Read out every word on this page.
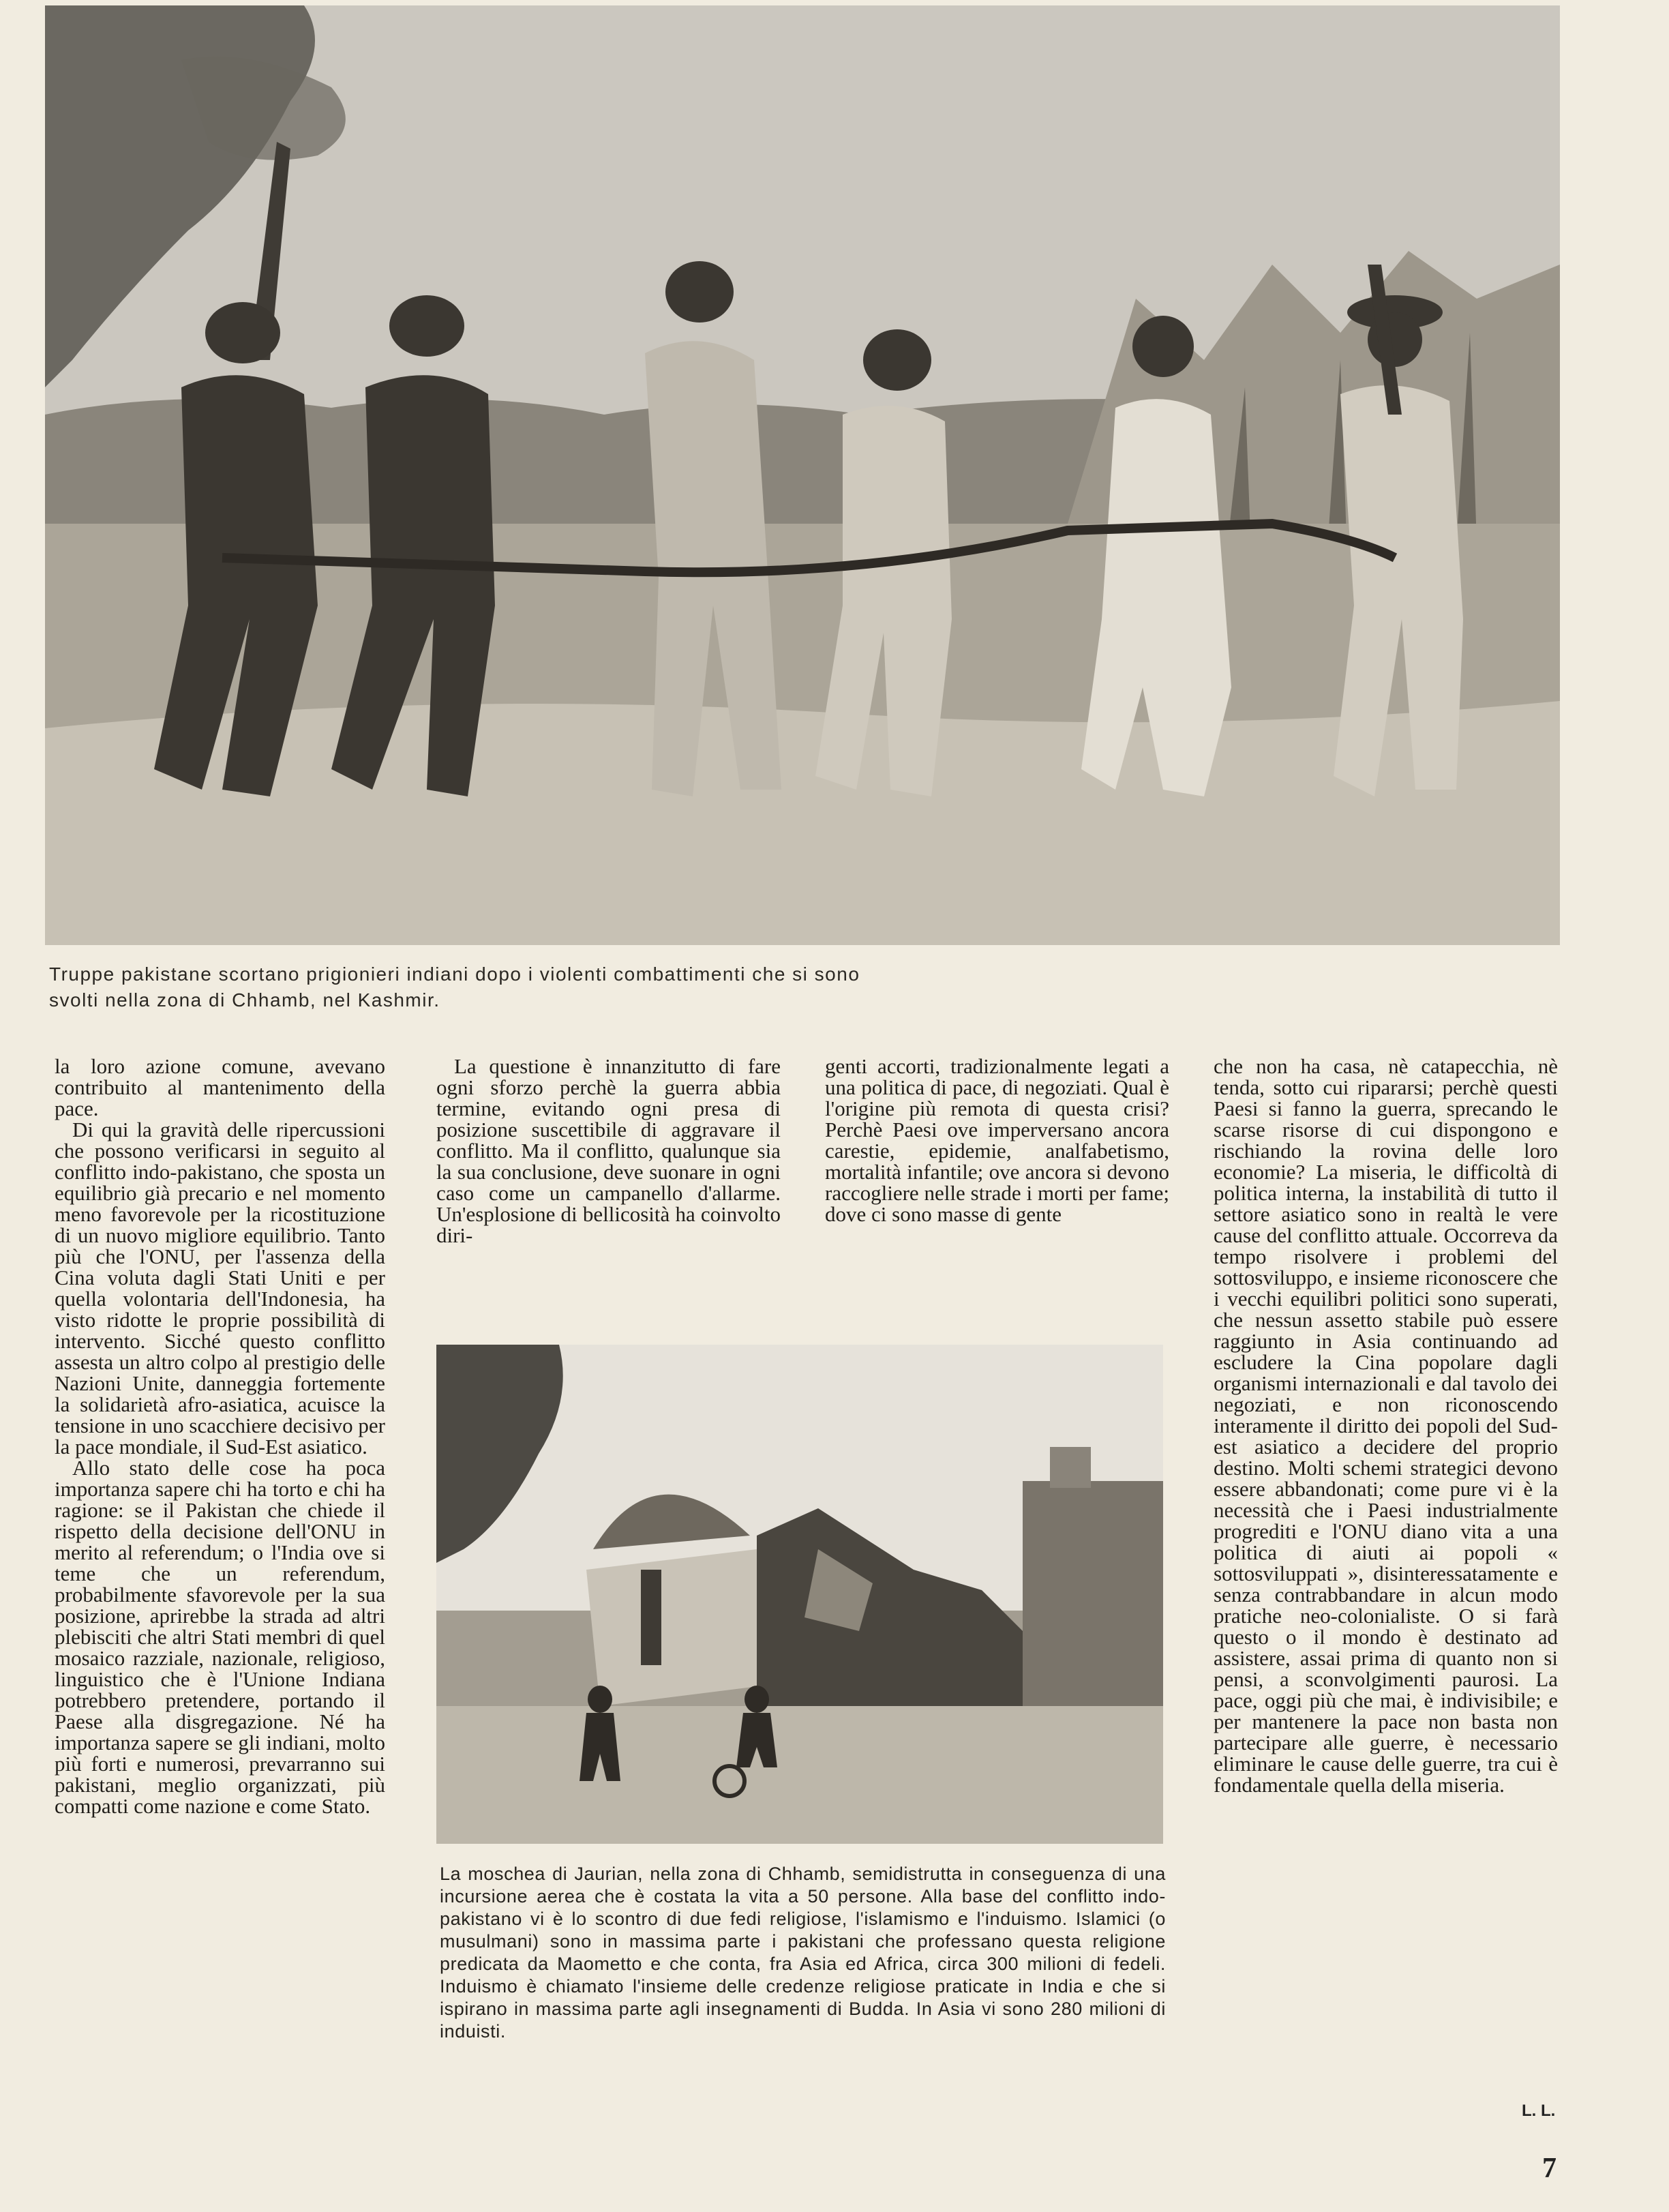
Truppe pakistane scortano prigionieri indiani dopo i violenti combattimenti che si sono svolti nella zona di Chhamb, nel Kashmir.

la loro azione comune, avevano contribuito al mantenimento della pace.

Di qui la gravità delle ripercussioni che possono verificarsi in seguito al conflitto indo-pakistano, che sposta un equilibrio già precario e nel momento meno favorevole per la ricostituzione di un nuovo migliore equilibrio. Tanto più che l'ONU, per l'assenza della Cina voluta dagli Stati Uniti e per quella volontaria dell'Indonesia, ha visto ridotte le proprie possibilità di intervento. Sicché questo conflitto assesta un altro colpo al prestigio delle Nazioni Unite, danneggia fortemente la solidarietà afro-asiatica, acuisce la tensione in uno scacchiere decisivo per la pace mondiale, il Sud-Est asiatico.

Allo stato delle cose ha poca importanza sapere chi ha torto e chi ha ragione: se il Pakistan che chiede il rispetto della decisione dell'ONU in merito al referendum; o l'India ove si teme che un referendum, probabilmente sfavorevole per la sua posizione, aprirebbe la strada ad altri plebisciti che altri Stati membri di quel mosaico razziale, nazionale, religioso, linguistico che è l'Unione Indiana potrebbero pretendere, portando il Paese alla disgregazione. Né ha importanza sapere se gli indiani, molto più forti e numerosi, prevarranno sui pakistani, meglio organizzati, più compatti come nazione e come Stato.

La questione è innanzitutto di fare ogni sforzo perchè la guerra abbia termine, evitando ogni presa di posizione suscettibile di aggravare il conflitto. Ma il conflitto, qualunque sia la sua conclusione, deve suonare in ogni caso come un campanello d'allarme. Un'esplosione di bellicosità ha coinvolto diri-

genti accorti, tradizionalmente legati a una politica di pace, di negoziati. Qual è l'origine più remota di questa crisi? Perchè Paesi ove imperversano ancora carestie, epidemie, analfabetismo, mortalità infantile; ove ancora si devono raccogliere nelle strade i morti per fame; dove ci sono masse di gente

che non ha casa, nè catapecchia, nè tenda, sotto cui ripararsi; perchè questi Paesi si fanno la guerra, sprecando le scarse risorse di cui dispongono e rischiando la rovina delle loro economie? La miseria, le difficoltà di politica interna, la instabilità di tutto il settore asiatico sono in realtà le vere cause del conflitto attuale. Occorreva da tempo risolvere i problemi del sottosviluppo, e insieme riconoscere che i vecchi equilibri politici sono superati, che nessun assetto stabile può essere raggiunto in Asia continuando ad escludere la Cina popolare dagli organismi internazionali e dal tavolo dei negoziati, e non riconoscendo interamente il diritto dei popoli del Sud-est asiatico a decidere del proprio destino. Molti schemi strategici devono essere abbandonati; come pure vi è la necessità che i Paesi industrialmente progrediti e l'ONU diano vita a una politica di aiuti ai popoli « sottosviluppati », disinteressatamente e senza contrabbandare in alcun modo pratiche neo-colonialiste. O si farà questo o il mondo è destinato ad assistere, assai prima di quanto non si pensi, a sconvolgimenti paurosi. La pace, oggi più che mai, è indivisibile; e per mantenere la pace non basta non partecipare alle guerre, è necessario eliminare le cause delle guerre, tra cui è fondamentale quella della miseria.

La moschea di Jaurian, nella zona di Chhamb, semidistrutta in conseguenza di una incursione aerea che è costata la vita a 50 persone. Alla base del conflitto indo-pakistano vi è lo scontro di due fedi religiose, l'islamismo e l'induismo. Islamici (o musulmani) sono in massima parte i pakistani che professano questa religione predicata da Maometto e che conta, fra Asia ed Africa, circa 300 milioni di fedeli. Induismo è chiamato l'insieme delle credenze religiose praticate in India e che si ispirano in massima parte agli insegnamenti di Budda. In Asia vi sono 280 milioni di induisti.

L. L.
7
